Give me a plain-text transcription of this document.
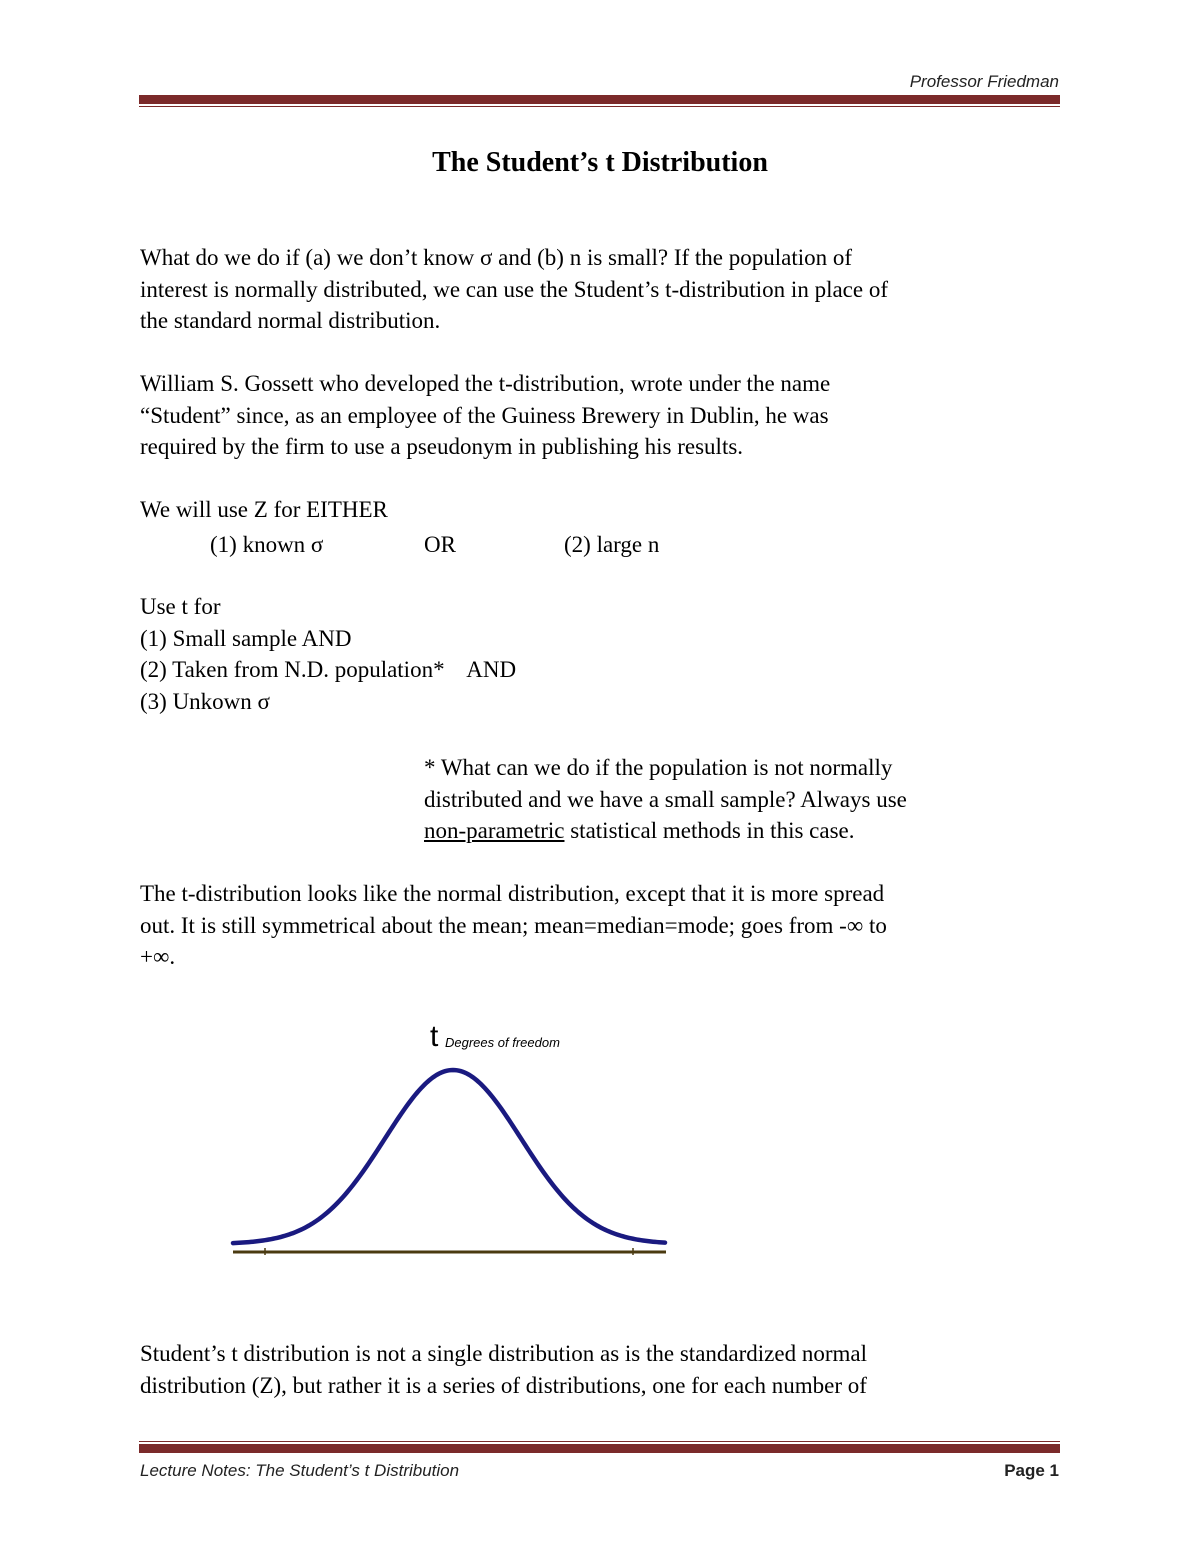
Professor Friedman
The Student’s t Distribution
What do we do if (a) we don’t know σ and (b) n is small? If the population of
interest is normally distributed, we can use the Student’s t-distribution in place of
the standard normal distribution.
William S. Gossett who developed the t-distribution, wrote under the name
“Student” since, as an employee of the Guiness Brewery in Dublin, he was
required by the firm to use a pseudonym in publishing his results.
We will use Z for EITHER
(1) known σ	OR	(2) large n
Use t for
(1) Small sample AND
(2) Taken from N.D. population*    AND
(3) Unkown σ
* What can we do if the population is not normally
distributed and we have a small sample? Always use
non-parametric statistical methods in this case.
The t-distribution looks like the normal distribution, except that it is more spread
out. It is still symmetrical about the mean; mean=median=mode; goes from -∞ to
+∞.
t Degrees of freedom
Student’s t distribution is not a single distribution as is the standardized normal
distribution (Z), but rather it is a series of distributions, one for each number of
Lecture Notes: The Student’s t Distribution	Page 1
